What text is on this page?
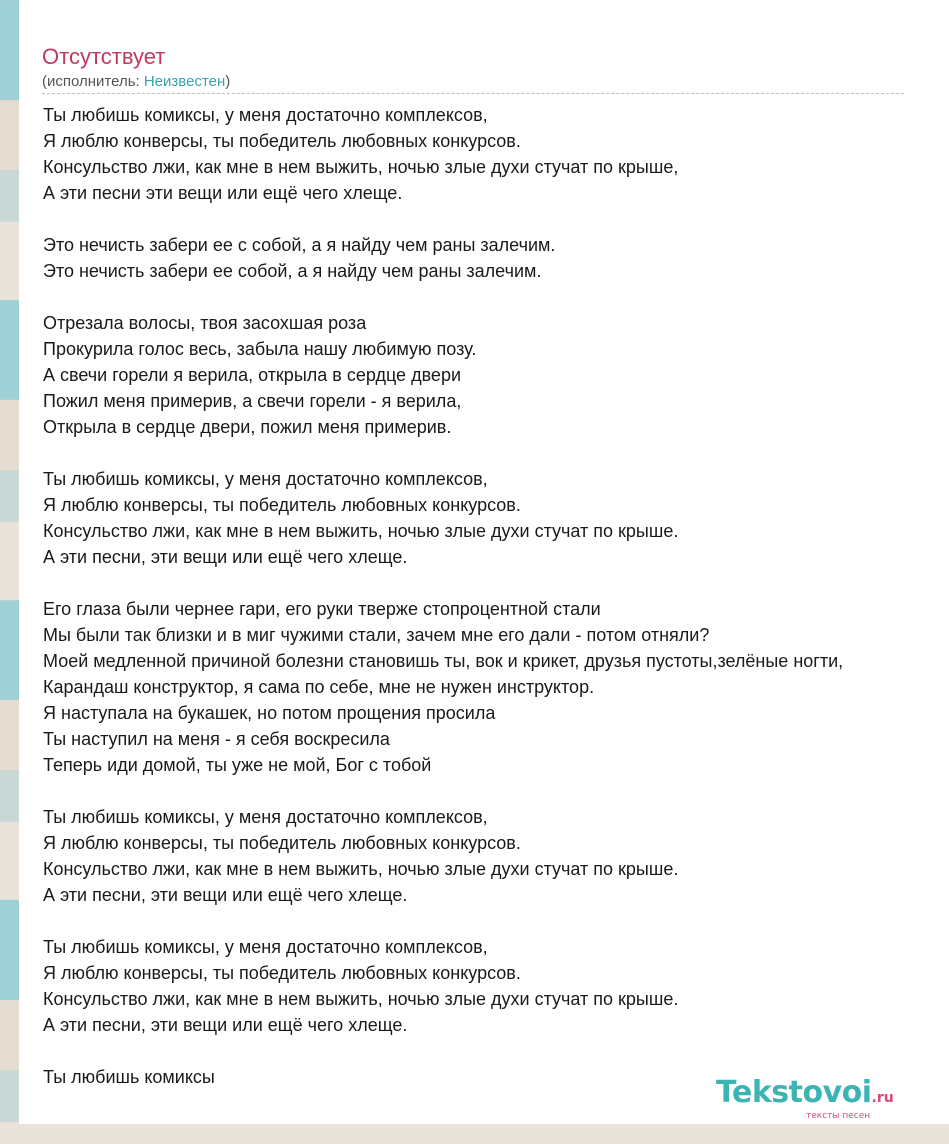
Отсутствует
(исполнитель: Неизвестен)
Ты любишь комиксы, у меня достаточно комплексов,
Я люблю конверсы, ты победитель любовных конкурсов.
Консульство лжи, как мне в нем выжить, ночью злые духи стучат по крыше,
А эти песни эти вещи или ещё чего хлеще.
Это нечисть забери ее с собой, а я найду чем раны залечим.
Это нечисть забери ее собой, а я найду чем раны залечим.
Отрезала волосы, твоя засохшая роза
Прокурила голос весь, забыла нашу любимую позу.
А свечи горели я верила, открыла в сердце двери
Пожил меня примерив, а свечи горели - я верила,
Открыла в сердце двери, пожил меня примерив.
Ты любишь комиксы, у меня достаточно комплексов,
Я люблю конверсы, ты победитель любовных конкурсов.
Консульство лжи, как мне в нем выжить, ночью злые духи стучат по крыше.
А эти песни, эти вещи или ещё чего хлеще.
Его глаза были чернее гари, его руки тверже стопроцентной стали
Мы были так близки и в миг чужими стали, зачем мне его дали - потом отняли?
Моей медленной причиной болезни становишь ты, вок и крикет, друзья пустоты,зелёные ногти,
Карандаш конструктор, я сама по себе, мне не нужен инструктор.
Я наступала на букашек, но потом прощения просила
Ты наступил на меня - я себя воскресила
Теперь иди домой, ты уже не мой, Бог с тобой
Ты любишь комиксы, у меня достаточно комплексов,
Я люблю конверсы, ты победитель любовных конкурсов.
Консульство лжи, как мне в нем выжить, ночью злые духи стучат по крыше.
А эти песни, эти вещи или ещё чего хлеще.
Ты любишь комиксы, у меня достаточно комплексов,
Я люблю конверсы, ты победитель любовных конкурсов.
Консульство лжи, как мне в нем выжить, ночью злые духи стучат по крыше.
А эти песни, эти вещи или ещё чего хлеще.
Ты любишь комиксы	Tekstovoi.ru
тексты песен
